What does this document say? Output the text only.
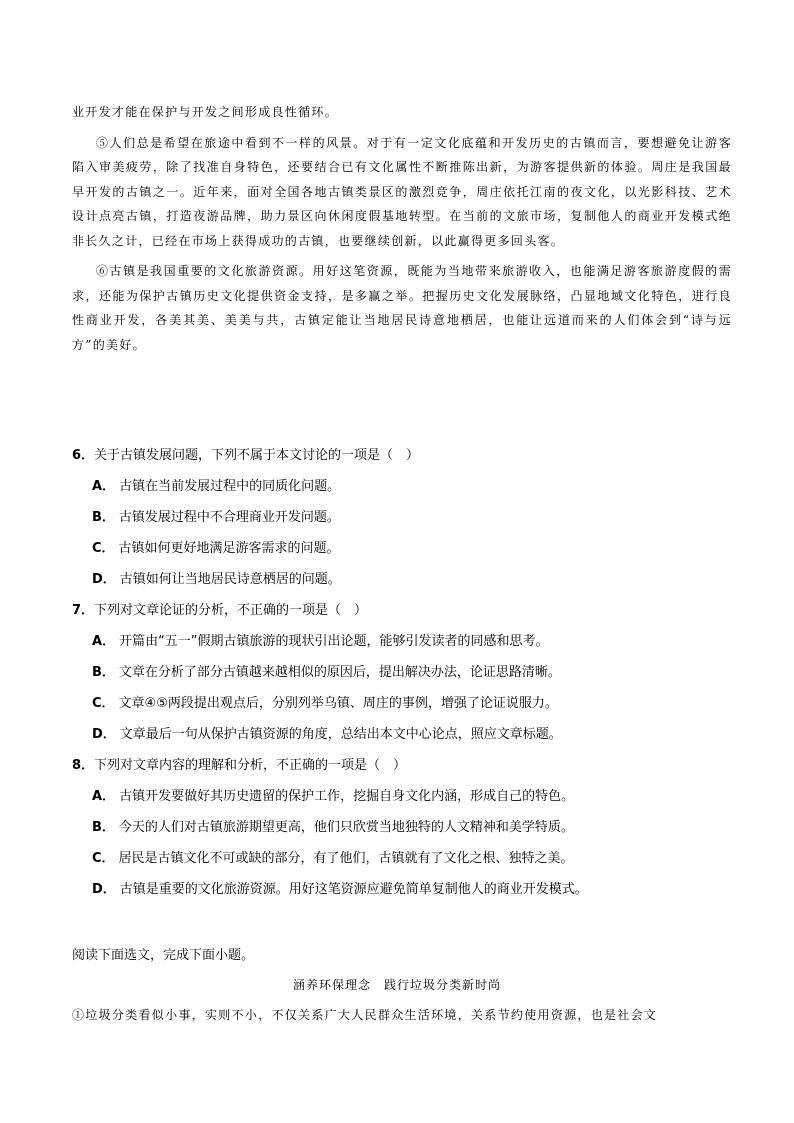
业开发才能在保护与开发之间形成良性循环。

⑤人们总是希望在旅途中看到不一样的风景。对于有一定文化底蕴和开发历史的古镇而言，要想避免让游客陷入审美疲劳，除了找准自身特色，还要结合已有文化属性不断推陈出新，为游客提供新的体验。周庄是我国最早开发的古镇之一。近年来，面对全国各地古镇类景区的激烈竞争，周庄依托江南的夜文化，以光影科技、艺术设计点亮古镇，打造夜游品牌，助力景区向休闲度假基地转型。在当前的文旅市场，复制他人的商业开发模式绝非长久之计，已经在市场上获得成功的古镇，也要继续创新，以此赢得更多回头客。

⑥古镇是我国重要的文化旅游资源。用好这笔资源，既能为当地带来旅游收入，也能满足游客旅游度假的需求，还能为保护古镇历史文化提供资金支持，是多赢之举。把握历史文化发展脉络，凸显地域文化特色，进行良性商业开发，各美其美、美美与共，古镇定能让当地居民诗意地栖居，也能让远道而来的人们体会到“诗与远方”的美好。

6．关于古镇发展问题，下列不属于本文讨论的一项是（　）

A． 古镇在当前发展过程中的同质化问题。

B． 古镇发展过程中不合理商业开发问题。

C． 古镇如何更好地满足游客需求的问题。

D． 古镇如何让当地居民诗意栖居的问题。

7．下列对文章论证的分析，不正确的一项是（　）

A． 开篇由“五一”假期古镇旅游的现状引出论题，能够引发读者的同感和思考。

B． 文章在分析了部分古镇越来越相似的原因后，提出解决办法，论证思路清晰。

C． 文章④⑤两段提出观点后，分别列举乌镇、周庄的事例，增强了论证说服力。

D． 文章最后一句从保护古镇资源的角度，总结出本文中心论点，照应文章标题。

8．下列对文章内容的理解和分析，不正确的一项是（　）

A． 古镇开发要做好其历史遗留的保护工作，挖掘自身文化内涵，形成自己的特色。

B． 今天的人们对古镇旅游期望更高，他们只欣赏当地独特的人文精神和美学特质。

C． 居民是古镇文化不可或缺的部分，有了他们，古镇就有了文化之根、独特之美。

D． 古镇是重要的文化旅游资源。用好这笔资源应避免简单复制他人的商业开发模式。

阅读下面选文，完成下面小题。
涵养环保理念　践行垃圾分类新时尚
①垃圾分类看似小事，实则不小，不仅关系广大人民群众生活环境，关系节约使用资源，也是社会文
